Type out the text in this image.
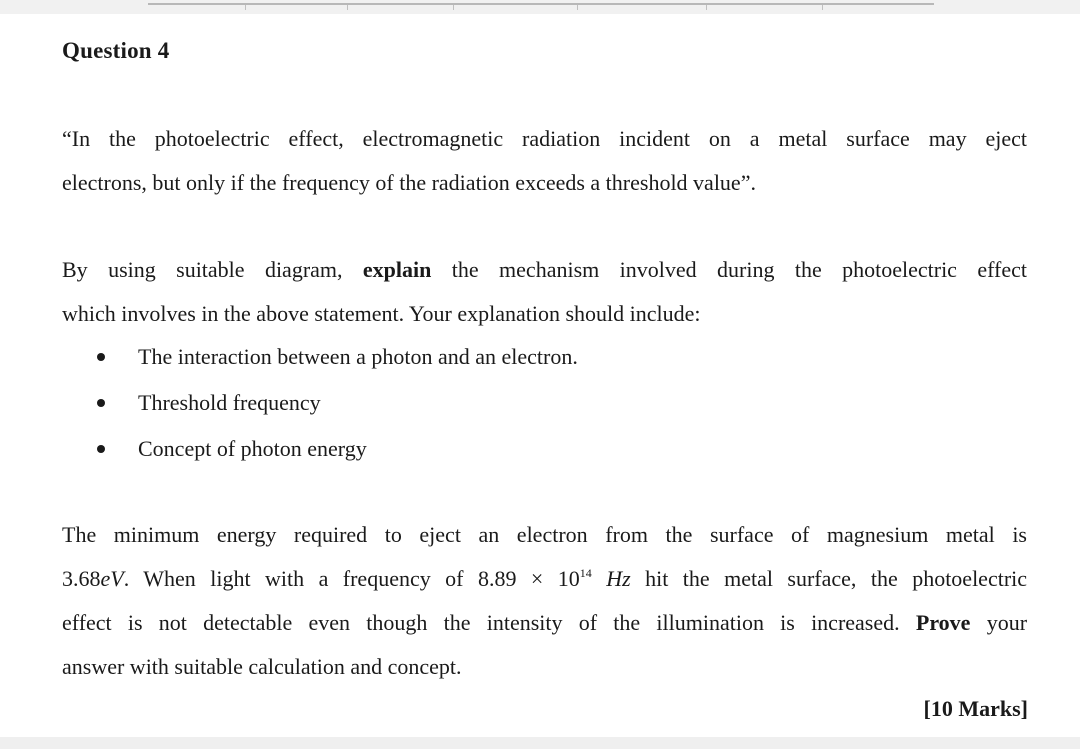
Question 4
“In the photoelectric effect, electromagnetic radiation incident on a metal surface may eject
electrons, but only if the frequency of the radiation exceeds a threshold value”.
By using suitable diagram, explain the mechanism involved during the photoelectric effect
which involves in the above statement. Your explanation should include:
The interaction between a photon and an electron.
Threshold frequency
Concept of photon energy
The minimum energy required to eject an electron from the surface of magnesium metal is
3.68eV. When light with a frequency of $8.89 \times 10^{14}$ Hz hit the metal surface, the photoelectric
effect is not detectable even though the intensity of the illumination is increased. Prove your
answer with suitable calculation and concept.
[10 Marks]
